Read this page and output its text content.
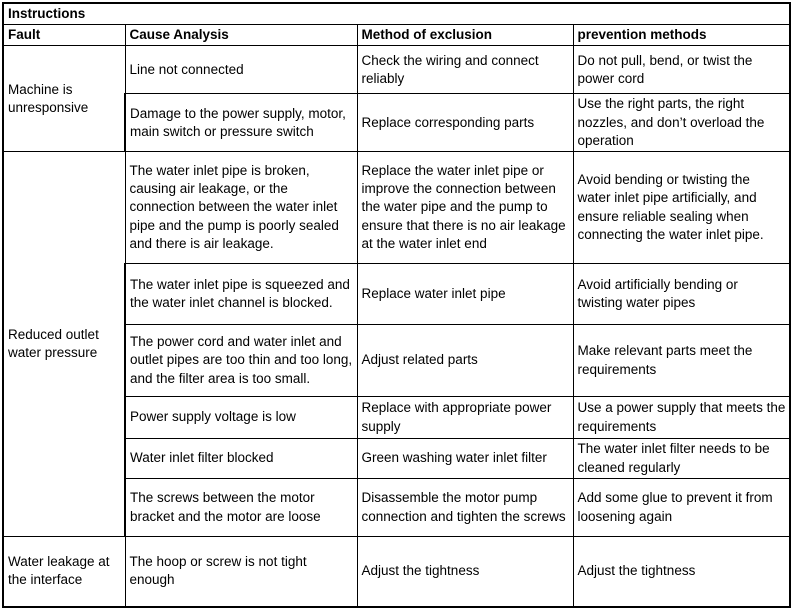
Instructions			
Fault	Cause Analysis	Method of exclusion	prevention methods
Machine is unresponsive	Line not connected	Check the wiring and connect reliably	Do not pull, bend, or twist the power cord
	Damage to the power supply, motor, main switch or pressure switch	Replace corresponding parts	Use the right parts, the right nozzles, and don’t overload the operation
Reduced outlet water pressure	The water inlet pipe is broken, causing air leakage, or the connection between the water inlet pipe and the pump is poorly sealed and there is air leakage.	Replace the water inlet pipe or improve the connection between the water pipe and the pump to ensure that there is no air leakage at the water inlet end	Avoid bending or twisting the water inlet pipe artificially, and ensure reliable sealing when connecting the water inlet pipe.
	The water inlet pipe is squeezed and the water inlet channel is blocked.	Replace water inlet pipe	Avoid artificially bending or twisting water pipes
	The power cord and water inlet and outlet pipes are too thin and too long, and the filter area is too small.	Adjust related parts	Make relevant parts meet the requirements
	Power supply voltage is low	Replace with appropriate power supply	Use a power supply that meets the requirements
	Water inlet filter blocked	Green washing water inlet filter	The water inlet filter needs to be cleaned regularly
	The screws between the motor bracket and the motor are loose	Disassemble the motor pump connection and tighten the screws	Add some glue to prevent it from loosening again
Water leakage at the interface	The hoop or screw is not tight enough	Adjust the tightness	Adjust the tightness
